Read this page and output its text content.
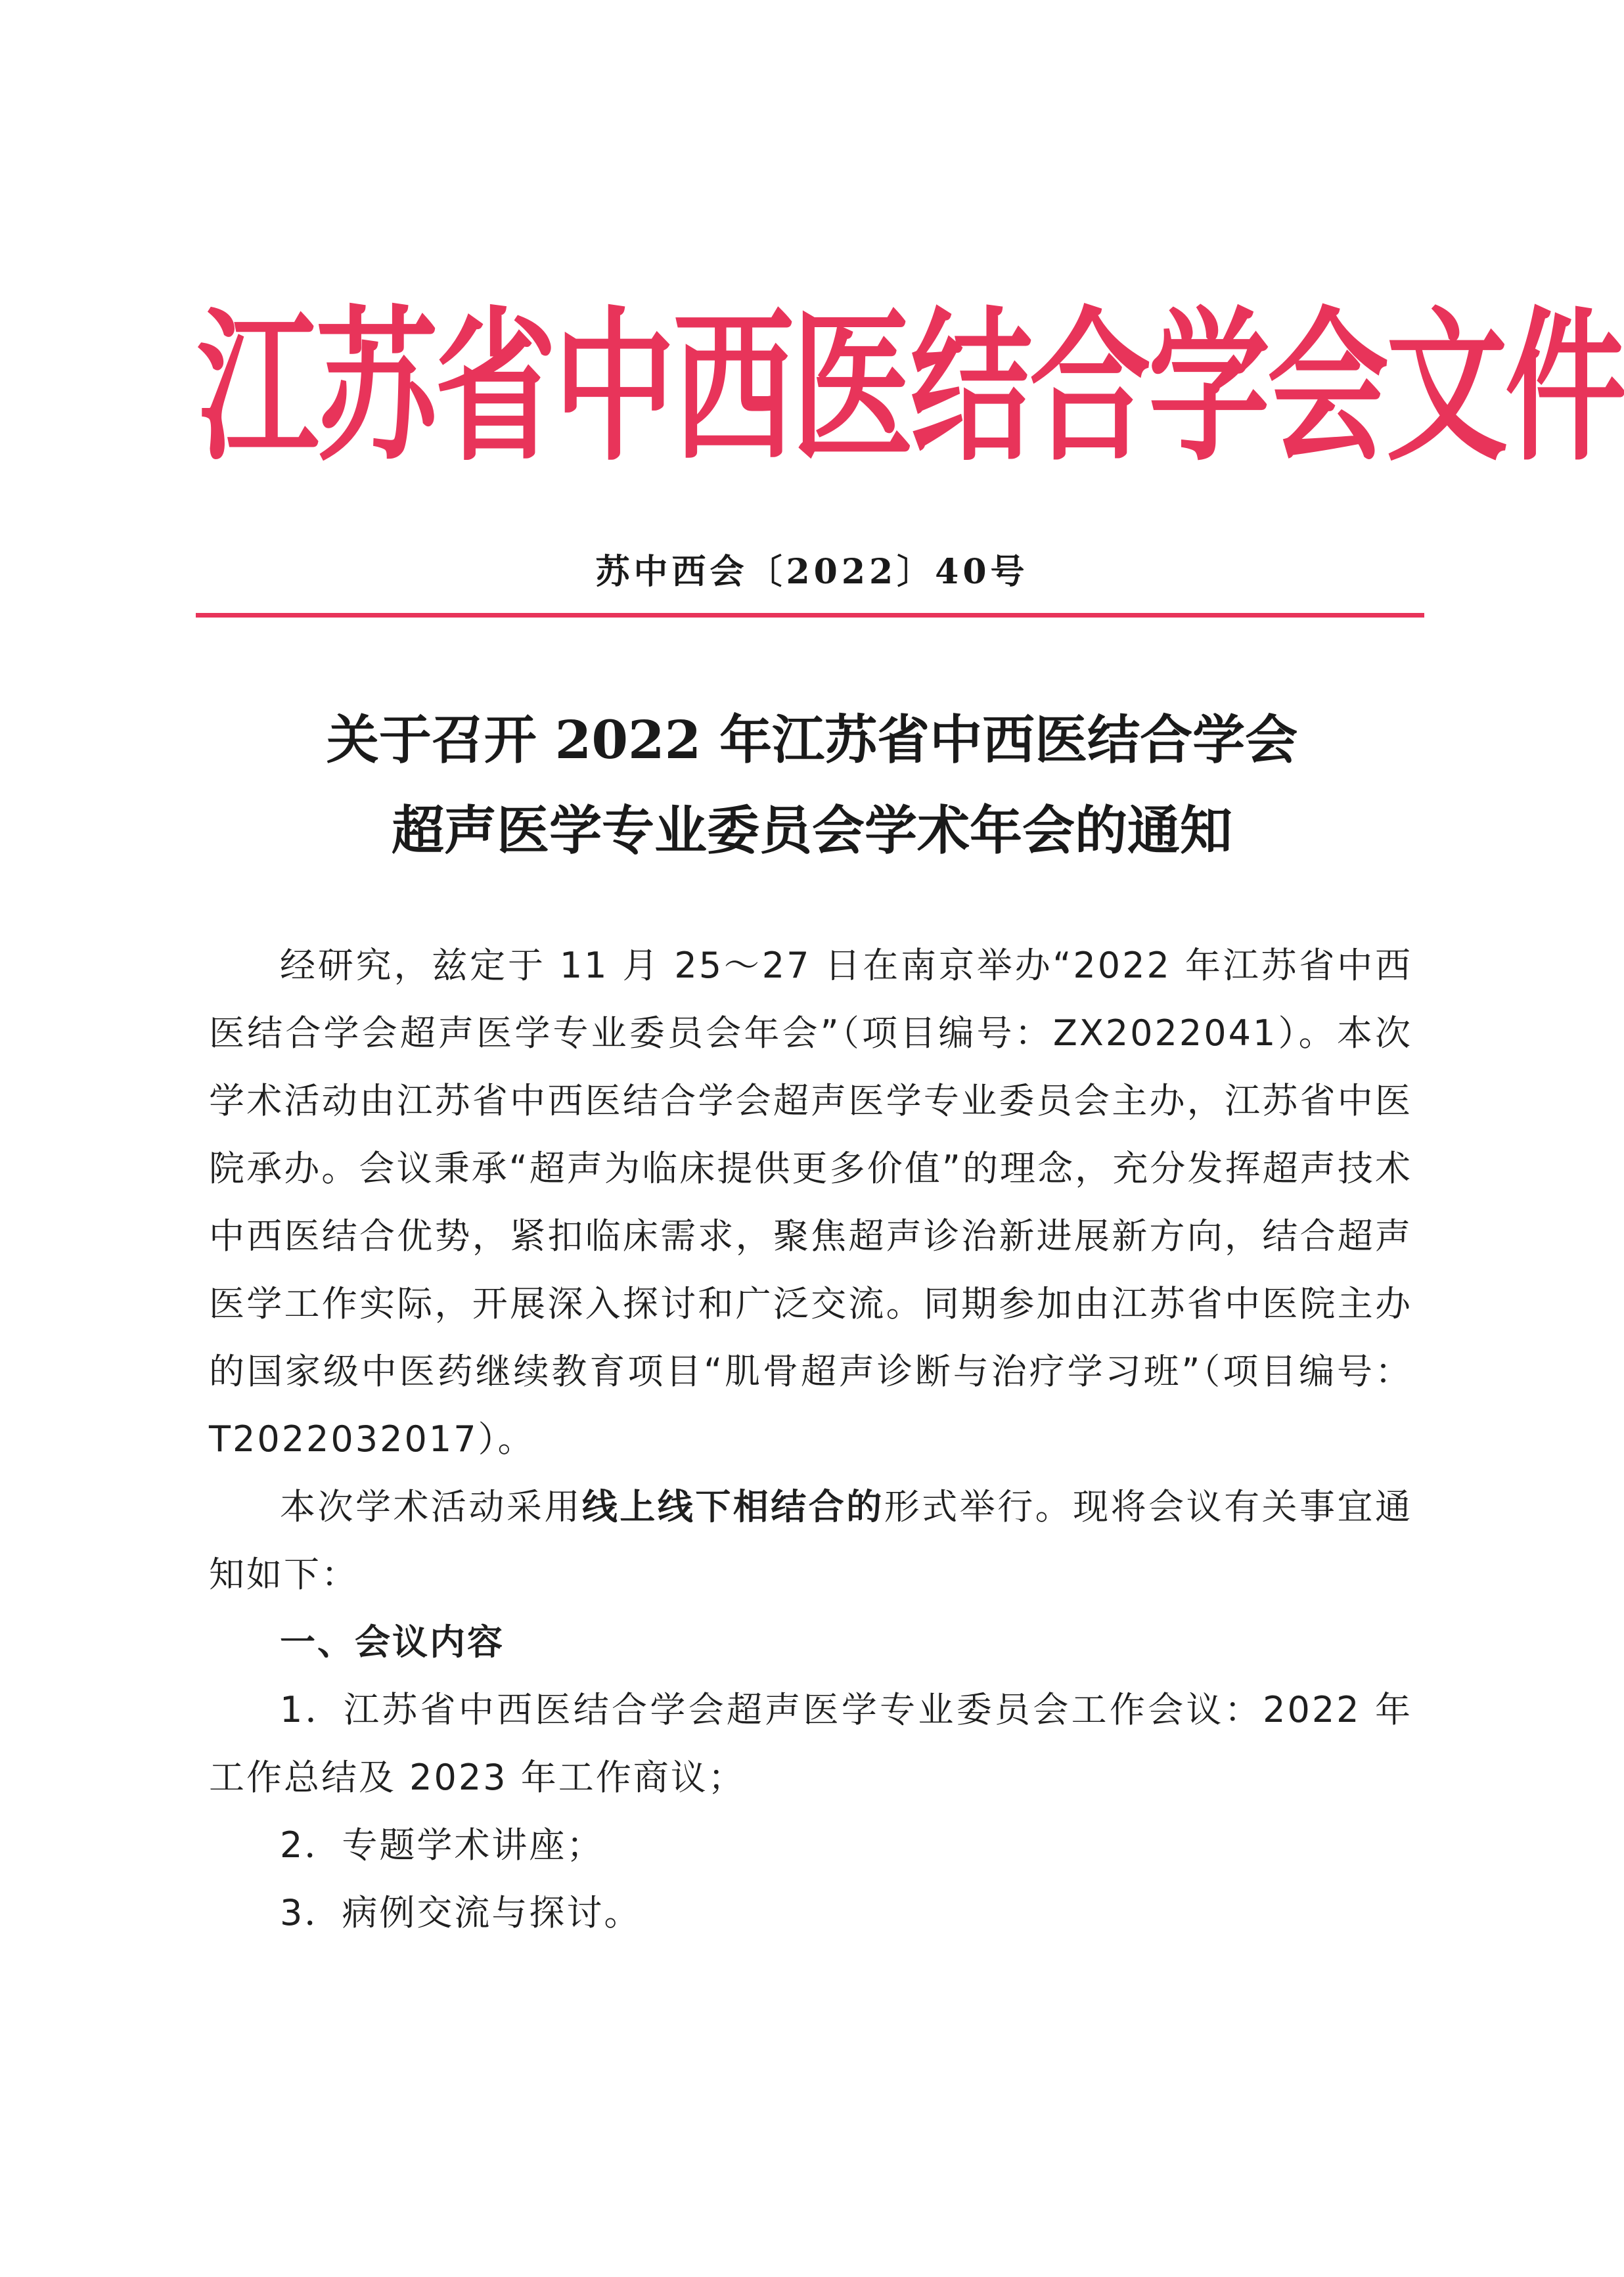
江苏省中西医结合学会文件
苏中西会〔2022〕40号
关于召开 2022 年江苏省中西医结合学会
超声医学专业委员会学术年会的通知

经研究，兹定于 11 月 25～27 日在南京举办“2022 年江苏省中西医结合学会超声医学专业委员会年会”（项目编号：ZX2022041）。本次学术活动由江苏省中西医结合学会超声医学专业委员会主办，江苏省中医院承办。会议秉承“超声为临床提供更多价值”的理念，充分发挥超声技术中西医结合优势，紧扣临床需求，聚焦超声诊治新进展新方向，结合超声医学工作实际，开展深入探讨和广泛交流。同期参加由江苏省中医院主办的国家级中医药继续教育项目“肌骨超声诊断与治疗学习班”（项目编号：T2022032017）。

本次学术活动采用线上线下相结合的形式举行。现将会议有关事宜通知如下：

一、会议内容

1．江苏省中西医结合学会超声医学专业委员会工作会议：2022 年工作总结及 2023 年工作商议；

2．专题学术讲座；

3．病例交流与探讨。
